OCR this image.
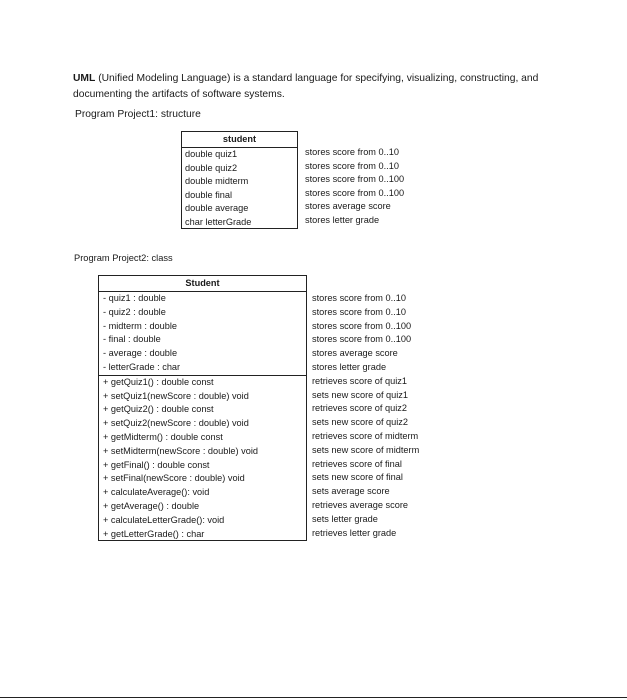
UML (Unified Modeling Language) is a standard language for specifying, visualizing, constructing, and documenting the artifacts of software systems.
Program Project1: structure
student
double quiz1
double quiz2
double midterm
double final
double average
char letterGrade
stores score from 0..10
stores score from 0..10
stores score from 0..100
stores score from 0..100
stores average score
stores letter grade
Program Project2: class
Student
- quiz1 : double
- quiz2 : double
- midterm : double
- final : double
- average : double
- letterGrade : char
+ getQuiz1() : double const
+ setQuiz1(newScore : double) void
+ getQuiz2() : double const
+ setQuiz2(newScore : double) void
+ getMidterm() : double const
+ setMidterm(newScore : double) void
+ getFinal() : double const
+ setFinal(newScore : double) void
+ calculateAverage(): void
+ getAverage() : double
+ calculateLetterGrade(): void
+ getLetterGrade() : char
stores score from 0..10
stores score from 0..10
stores score from 0..100
stores score from 0..100
stores average score
stores letter grade
retrieves score of quiz1
sets new score of quiz1
retrieves score of quiz2
sets new score of quiz2
retrieves score of midterm
sets new score of midterm
retrieves score of final
sets new score of final
sets average score
retrieves average score
sets letter grade
retrieves letter grade
